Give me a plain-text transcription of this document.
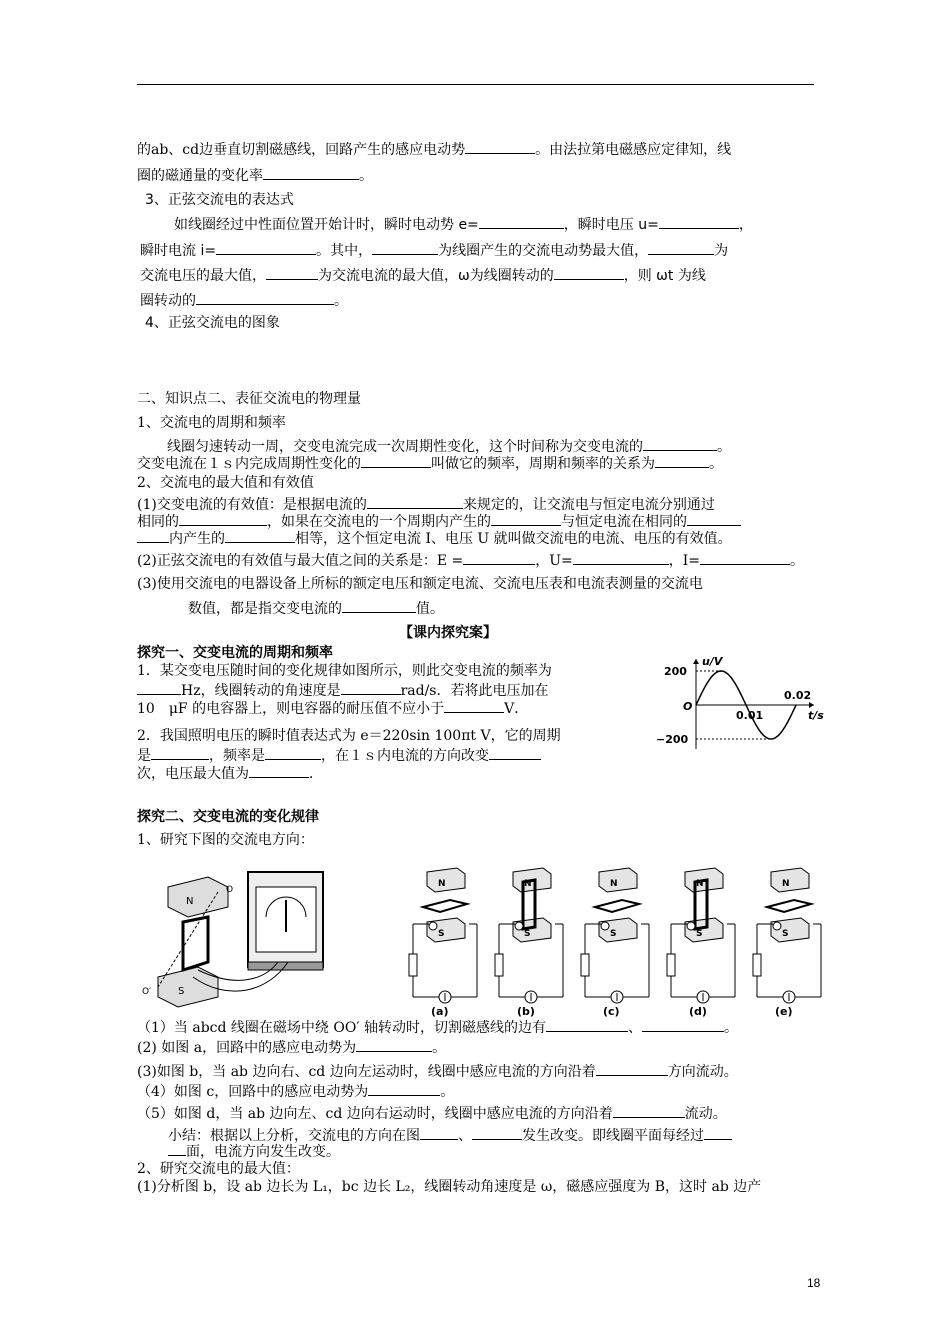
的ab、cd边垂直切割磁感线，回路产生的感应电动势	。由法拉第电磁感应定律知，线
圈的磁通量的变化率	。
3、正弦交流电的表达式
如线圈经过中性面位置开始计时，瞬时电动势 e=	，瞬时电压 u=	，
瞬时电流 i=	。其中，	为线圈产生的交流电动势最大值，	为
交流电压的最大值，	为交流电流的最大值，ω为线圈转动的	，则 ωt 为线
圈转动的	。
4、正弦交流电的图象
二、知识点二、表征交流电的物理量
1、交流电的周期和频率
线圈匀速转动一周，交变电流完成一次周期性变化，这个时间称为交变电流的	。
交变电流在１ｓ内完成周期性变化的	叫做它的频率，周期和频率的关系为	。
2、交流电的最大值和有效值
(1)交变电流的有效值：是根据电流的	来规定的，让交流电与恒定电流分别通过
相同的	，如果在交流电的一个周期内产生的	与恒定电流在相同的
内产生的	相等，这个恒定电流 I、电压 U 就叫做交流电的电流、电压的有效值。
(2)正弦交流电的有效值与最大值之间的关系是：E =	，U=	，I=	。
(3)使用交流电的电器设备上所标的额定电压和额定电流、交流电压表和电流表测量的交流电
数值，都是指交变电流的	值。
【课内探究案】
探究一、交变电流的周期和频率
1．某交变电压随时间的变化规律如图所示，则此交变电流的频率为
Hz，线圈转动的角速度是	rad/s．若将此电压加在
10　μF 的电容器上，则电容器的耐压值不应小于	V．
2．我国照明电压的瞬时值表达式为 e＝220sin 100πt V，它的周期
是	，频率是	，在１ｓ内电流的方向改变
次，电压最大值为	．
u/V
t/s
O
200
−200
0.01
0.02
探究二、交变电流的变化规律
1、研究下图的交流电方向：
N
S
O
O′
N
S
(a)
N
S
(b)
N
S
(c)
N
S
(d)
N
S
(e)
（1）当 abcd 线圈在磁场中绕 OO′ 轴转动时，切割磁感线的边有	、	。
(2) 如图 a，回路中的感应电动势为	。
(3)如图 b，当 ab 边向右、cd 边向左运动时，线圈中感应电流的方向沿着	方向流动。
（4）如图 c，回路中的感应电动势为	。
（5）如图 d，当 ab 边向左、cd 边向右运动时，线圈中感应电流的方向沿着	流动。
小结：根据以上分析，交流电的方向在图	、	发生改变。即线圈平面每经过
面，电流方向发生改变。
2、研究交流电的最大值：
(1)分析图 b，设 ab 边长为 L₁，bc 边长 L₂，线圈转动角速度是 ω，磁感应强度为 B，这时 ab 边产
18
